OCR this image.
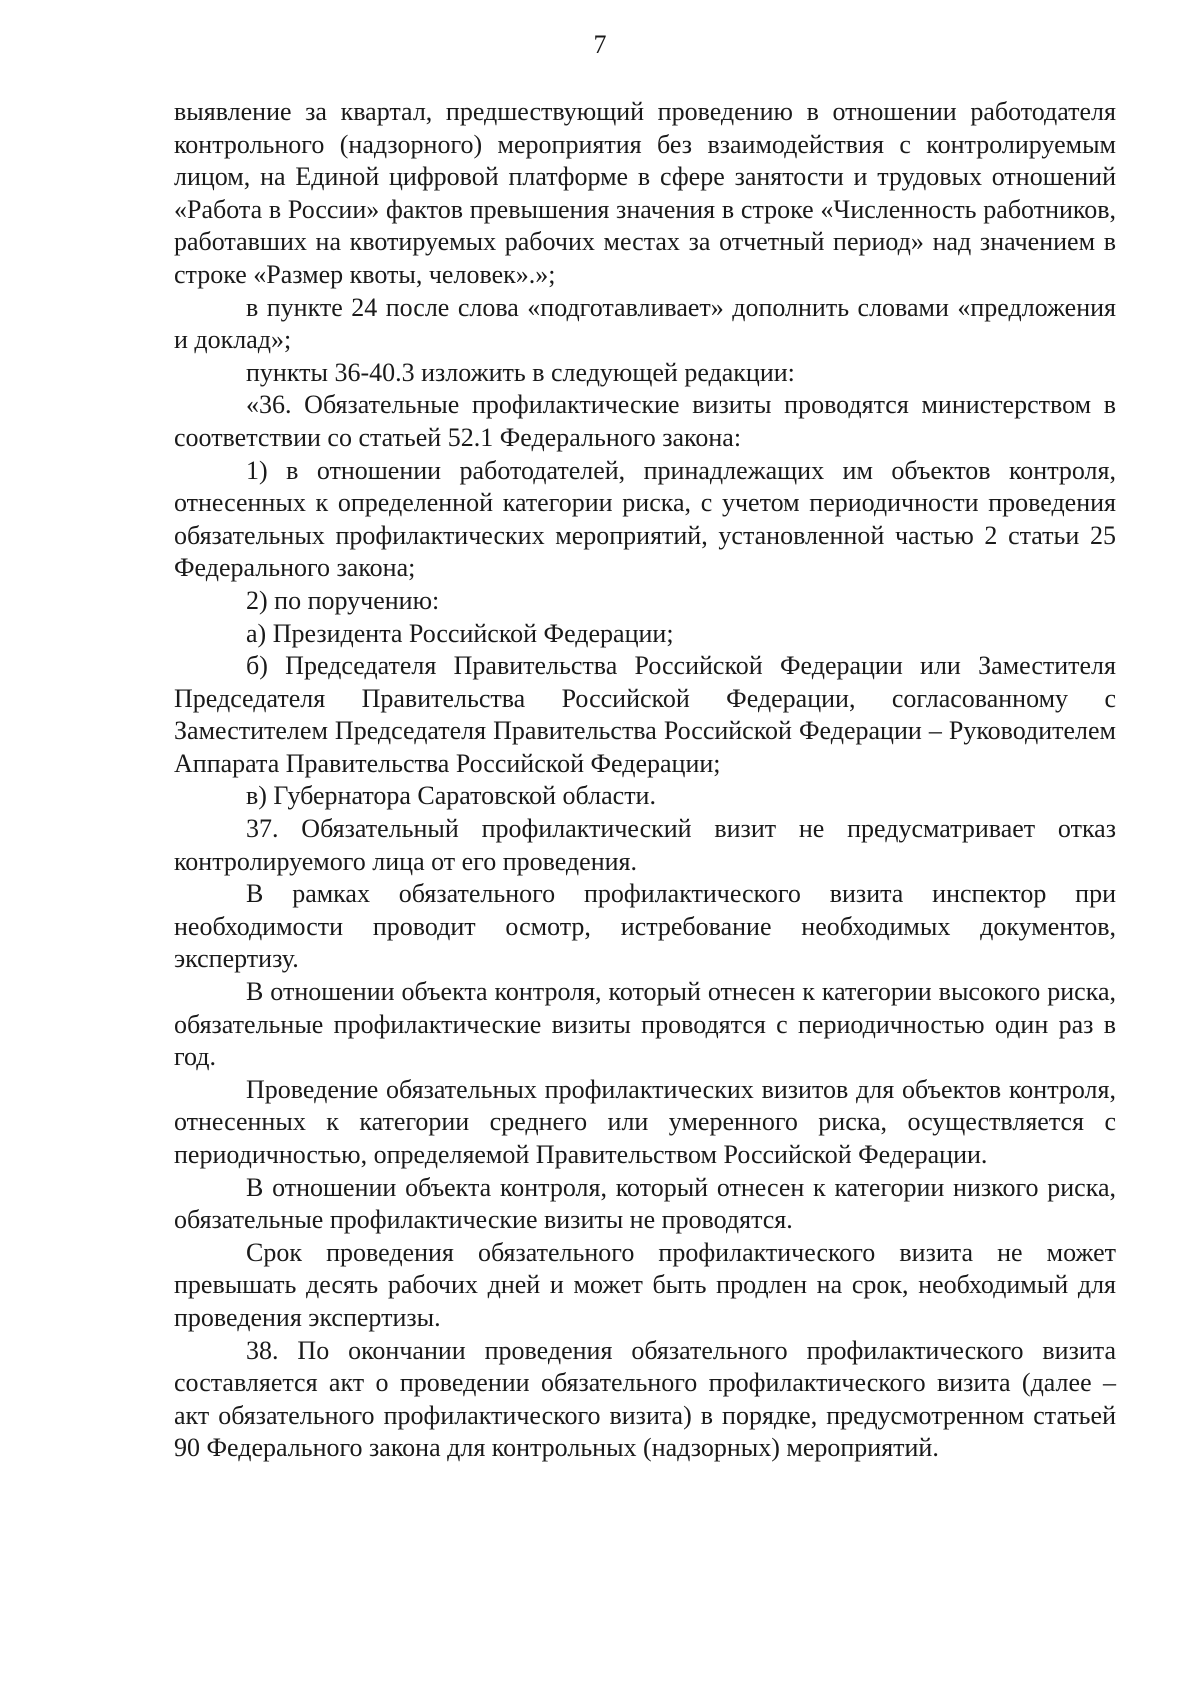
7

выявление за квартал, предшествующий проведению в отношении работодателя контрольного (надзорного) мероприятия без взаимодействия с контролируемым лицом, на Единой цифровой платформе в сфере занятости и трудовых отношений «Работа в России» фактов превышения значения в строке «Численность работников, работавших на квотируемых рабочих местах за отчетный период» над значением в строке «Размер квоты, человек».»;

в пункте 24 после слова «подготавливает» дополнить словами «предложения и доклад»;

пункты 36-40.3 изложить в следующей редакции:

«36. Обязательные профилактические визиты проводятся министерством в соответствии со статьей 52.1 Федерального закона:

1) в отношении работодателей, принадлежащих им объектов контроля, отнесенных к определенной категории риска, с учетом периодичности проведения обязательных профилактических мероприятий, установленной частью 2 статьи 25 Федерального закона;

2) по поручению:

а) Президента Российской Федерации;

б) Председателя Правительства Российской Федерации или Заместителя Председателя Правительства Российской Федерации, согласованному с Заместителем Председателя Правительства Российской Федерации – Руководителем Аппарата Правительства Российской Федерации;

в) Губернатора Саратовской области.

37. Обязательный профилактический визит не предусматривает отказ контролируемого лица от его проведения.

В рамках обязательного профилактического визита инспектор при необходимости проводит осмотр, истребование необходимых документов, экспертизу.

В отношении объекта контроля, который отнесен к категории высокого риска, обязательные профилактические визиты проводятся с периодичностью один раз в год.

Проведение обязательных профилактических визитов для объектов контроля, отнесенных к категории среднего или умеренного риска, осуществляется с периодичностью, определяемой Правительством Российской Федерации.

В отношении объекта контроля, который отнесен к категории низкого риска, обязательные профилактические визиты не проводятся.

Срок проведения обязательного профилактического визита не может превышать десять рабочих дней и может быть продлен на срок, необходимый для проведения экспертизы.

38. По окончании проведения обязательного профилактического визита составляется акт о проведении обязательного профилактического визита (далее – акт обязательного профилактического визита) в порядке, предусмотренном статьей 90 Федерального закона для контрольных (надзорных) мероприятий.
